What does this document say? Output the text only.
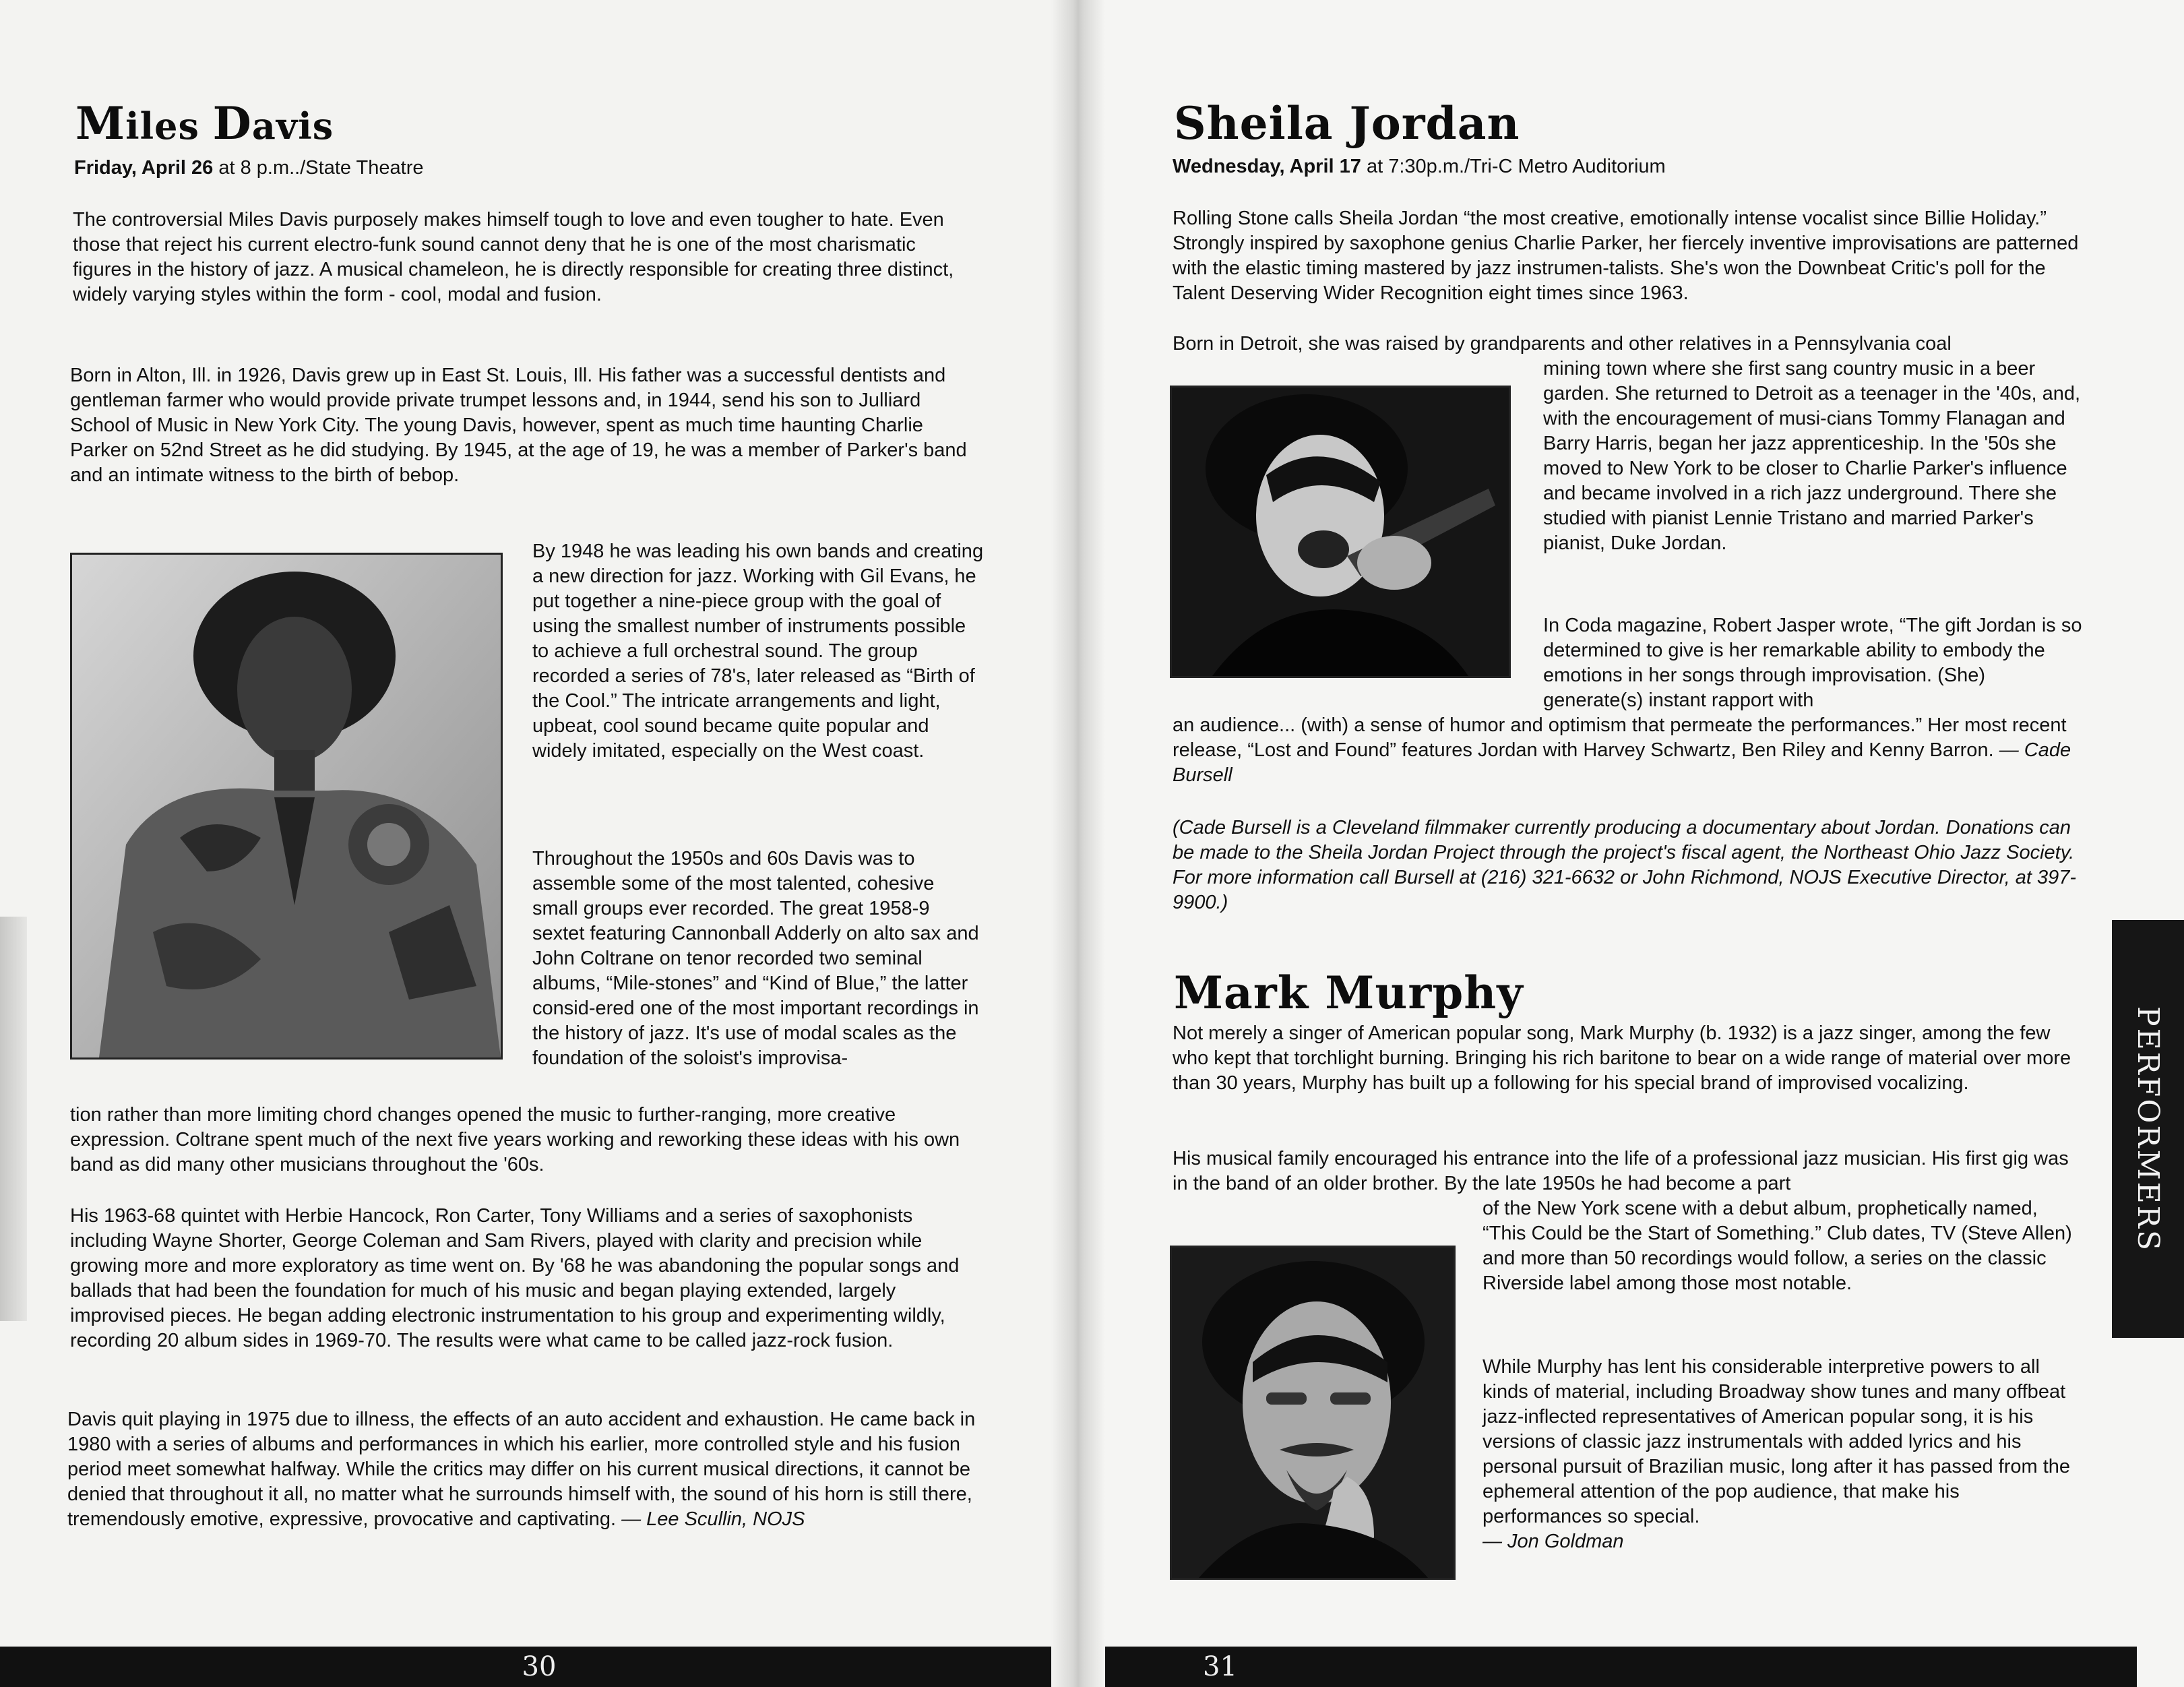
Miles Davis
Friday, April 26 at 8 p.m../State Theatre

The controversial Miles Davis purposely makes himself tough to love and even tougher to hate. Even those that reject his current electro-funk sound cannot deny that he is one of the most charismatic figures in the history of jazz. A musical chameleon, he is directly responsible for creating three distinct, widely varying styles within the form - cool, modal and fusion.

Born in Alton, Ill. in 1926, Davis grew up in East St. Louis, Ill. His father was a successful dentists and gentleman farmer who would provide private trumpet lessons and, in 1944, send his son to Julliard School of Music in New York City. The young Davis, however, spent as much time haunting Charlie Parker on 52nd Street as he did studying. By 1945, at the age of 19, he was a member of Parker's band and an intimate witness to the birth of bebop.

By 1948 he was leading his own bands and creating a new direction for jazz. Working with Gil Evans, he put together a nine-piece group with the goal of using the smallest number of instruments possible to achieve a full orchestral sound. The group recorded a series of 78's, later released as “Birth of the Cool.” The intricate arrangements and light, upbeat, cool sound became quite popular and widely imitated, especially on the West coast.

Throughout the 1950s and 60s Davis was to assemble some of the most talented, cohesive small groups ever recorded. The great 1958-9 sextet featuring Cannonball Adderly on alto sax and John Coltrane on tenor recorded two seminal albums, “Mile-stones” and “Kind of Blue,” the latter consid-ered one of the most important recordings in the history of jazz. It's use of modal scales as the foundation of the soloist's improvisa-

tion rather than more limiting chord changes opened the music to further-ranging, more creative expression. Coltrane spent much of the next five years working and reworking these ideas with his own band as did many other musicians throughout the '60s.

His 1963-68 quintet with Herbie Hancock, Ron Carter, Tony Williams and a series of saxophonists including Wayne Shorter, George Coleman and Sam Rivers, played with clarity and precision while growing more and more exploratory as time went on. By '68 he was abandoning the popular songs and ballads that had been the foundation for much of his music and began playing extended, largely improvised pieces. He began adding electronic instrumentation to his group and experimenting wildly, recording 20 album sides in 1969-70. The results were what came to be called jazz-rock fusion.

Davis quit playing in 1975 due to illness, the effects of an auto accident and exhaustion. He came back in 1980 with a series of albums and performances in which his earlier, more controlled style and his fusion period meet somewhat halfway. While the critics may differ on his current musical directions, it cannot be denied that throughout it all, no matter what he surrounds himself with, the sound of his horn is still there, tremendously emotive, expressive, provocative and captivating. — Lee Scullin, NOJS

30
Sheila Jordan
Wednesday, April 17 at 7:30p.m./Tri-C Metro Auditorium

Rolling Stone calls Sheila Jordan “the most creative, emotionally intense vocalist since Billie Holiday.” Strongly inspired by saxophone genius Charlie Parker, her fiercely inventive improvisations are patterned with the elastic timing mastered by jazz instrumen-talists. She's won the Downbeat Critic's poll for the Talent Deserving Wider Recognition eight times since 1963.

Born in Detroit, she was raised by grandparents and other relatives in a Pennsylvania coal

mining town where she first sang country music in a beer garden. She returned to Detroit as a teenager in the '40s, and, with the encouragement of musi-cians Tommy Flanagan and Barry Harris, began her jazz apprenticeship. In the '50s she moved to New York to be closer to Charlie Parker's influence and became involved in a rich jazz underground. There she studied with pianist Lennie Tristano and married Parker's pianist, Duke Jordan.

In Coda magazine, Robert Jasper wrote, “The gift Jordan is so determined to give is her remarkable ability to embody the emotions in her songs through improvisation. (She) generate(s) instant rapport with

an audience... (with) a sense of humor and optimism that permeate the performances.” Her most recent release, “Lost and Found” features Jordan with Harvey Schwartz, Ben Riley and Kenny Barron. — Cade Bursell

(Cade Bursell is a Cleveland filmmaker currently producing a documentary about Jordan. Donations can be made to the Sheila Jordan Project through the project's fiscal agent, the Northeast Ohio Jazz Society. For more information call Bursell at (216) 321-6632 or John Richmond, NOJS Executive Director, at 397-9900.)

Mark Murphy

Not merely a singer of American popular song, Mark Murphy (b. 1932) is a jazz singer, among the few who kept that torchlight burning. Bringing his rich baritone to bear on a wide range of material over more than 30 years, Murphy has built up a following for his special brand of improvised vocalizing.

His musical family encouraged his entrance into the life of a professional jazz musician. His first gig was in the band of an older brother. By the late 1950s he had become a part

of the New York scene with a debut album, prophetically named, “This Could be the Start of Something.” Club dates, TV (Steve Allen) and more than 50 recordings would follow, a series on the classic Riverside label among those most notable.

While Murphy has lent his considerable interpretive powers to all kinds of material, including Broadway show tunes and many offbeat jazz-inflected representatives of American popular song, it is his versions of classic jazz instrumentals with added lyrics and his personal pursuit of Brazilian music, long after it has passed from the ephemeral attention of the pop audience, that make his performances so special.

— Jon Goldman

31
PERFORMERS
